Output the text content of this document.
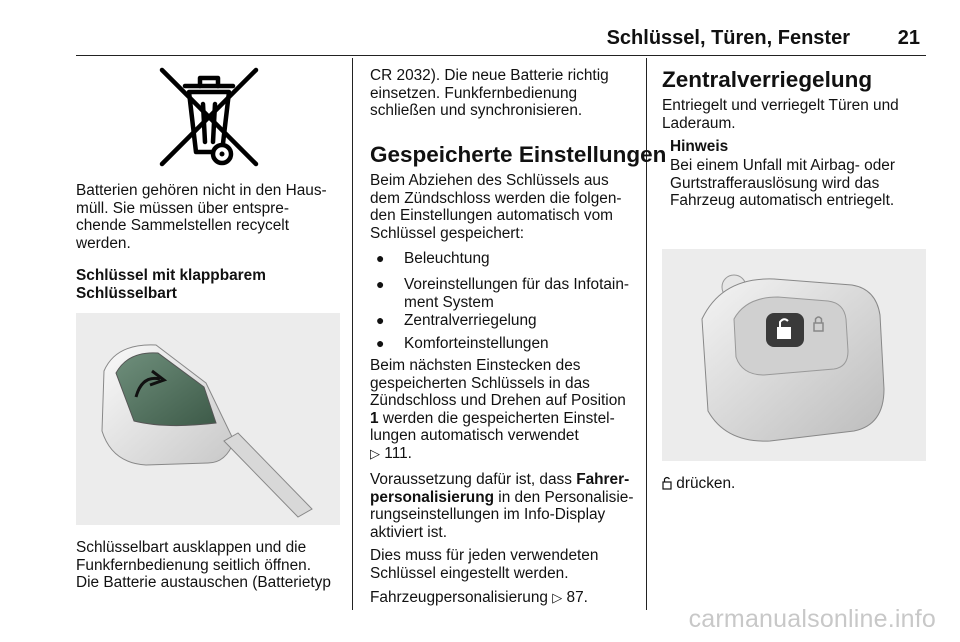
Schlüssel, Türen, Fenster	21
Batterien gehören nicht in den Haus-
müll. Sie müssen über entspre-
chende Sammelstellen recycelt
werden.
Schlüssel mit klappbarem
Schlüsselbart
Schlüsselbart ausklappen und die
Funkfernbedienung seitlich öffnen.
Die Batterie austauschen (Batterietyp
CR 2032). Die neue Batterie richtig
einsetzen. Funkfernbedienung
schließen und synchronisieren.
Gespeicherte Einstellungen
Beim Abziehen des Schlüssels aus
dem Zündschloss werden die folgen-
den Einstellungen automatisch vom
Schlüssel gespeichert:
●	Beleuchtung
●	Voreinstellungen für das Infotain-
ment System
●	Zentralverriegelung
●	Komforteinstellungen
Beim nächsten Einstecken des
gespeicherten Schlüssels in das
Zündschloss und Drehen auf Position
1 werden die gespeicherten Einstel-
lungen automatisch verwendet
▷ 111.
Voraussetzung dafür ist, dass Fahrer-
personalisierung in den Personalisie-
rungseinstellungen im Info-Display
aktiviert ist.
Dies muss für jeden verwendeten
Schlüssel eingestellt werden.
Fahrzeugpersonalisierung ▷ 87.
Zentralverriegelung
Entriegelt und verriegelt Türen und
Laderaum.
Hinweis
Bei einem Unfall mit Airbag- oder
Gurtstrafferauslösung wird das
Fahrzeug automatisch entriegelt.
drücken.
carmanualsonline.info
